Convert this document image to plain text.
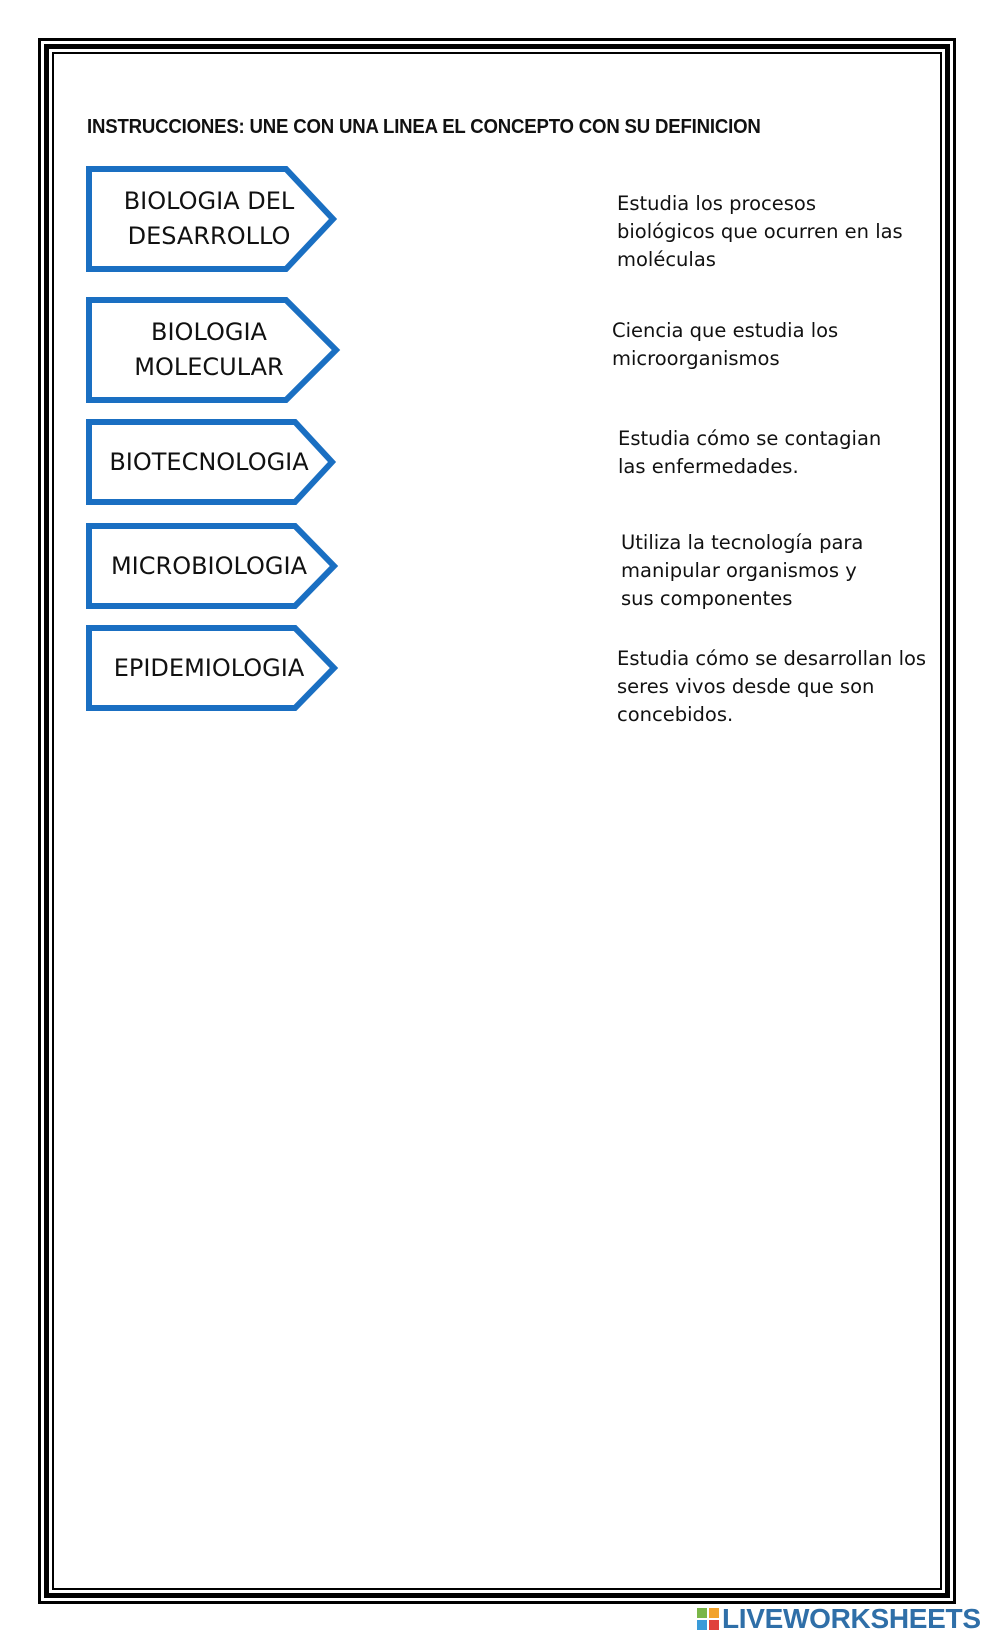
INSTRUCCIONES: UNE CON UNA LINEA EL CONCEPTO CON SU DEFINICION
BIOLOGIA DEL
DESARROLLO
BIOLOGIA
MOLECULAR
BIOTECNOLOGIA
MICROBIOLOGIA
EPIDEMIOLOGIA
Estudia los procesos
biológicos que ocurren en las
moléculas
Ciencia que estudia los
microorganismos
Estudia cómo se contagian
las enfermedades.
Utiliza la tecnología para
manipular organismos y
sus componentes
Estudia cómo se desarrollan los
seres vivos desde que son
concebidos.
LIVEWORKSHEETS
